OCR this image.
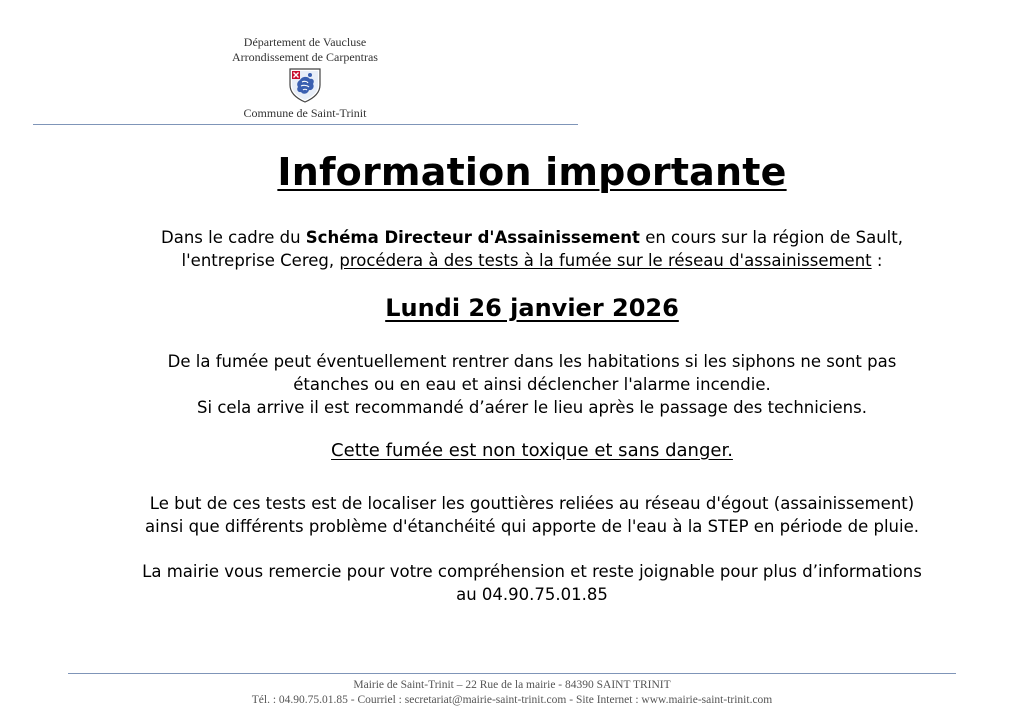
Département de Vaucluse
Arrondissement de Carpentras
Commune de Saint-Trinit
Information importante
Dans le cadre du Schéma Directeur d'Assainissement en cours sur la région de Sault,
l'entreprise Cereg, procédera à des tests à la fumée sur le réseau d'assainissement :
Lundi 26 janvier 2026
De la fumée peut éventuellement rentrer dans les habitations si les siphons ne sont pas
étanches ou en eau et ainsi déclencher l'alarme incendie.
Si cela arrive il est recommandé d’aérer le lieu après le passage des techniciens.
Cette fumée est non toxique et sans danger.
Le but de ces tests est de localiser les gouttières reliées au réseau d'égout (assainissement)
ainsi que différents problème d'étanchéité qui apporte de l'eau à la STEP en période de pluie.
La mairie vous remercie pour votre compréhension et reste joignable pour plus d’informations
au 04.90.75.01.85
Mairie de Saint-Trinit – 22 Rue de la mairie - 84390 SAINT TRINIT
Tél. : 04.90.75.01.85 - Courriel : secretariat@mairie-saint-trinit.com - Site Internet : www.mairie-saint-trinit.com
